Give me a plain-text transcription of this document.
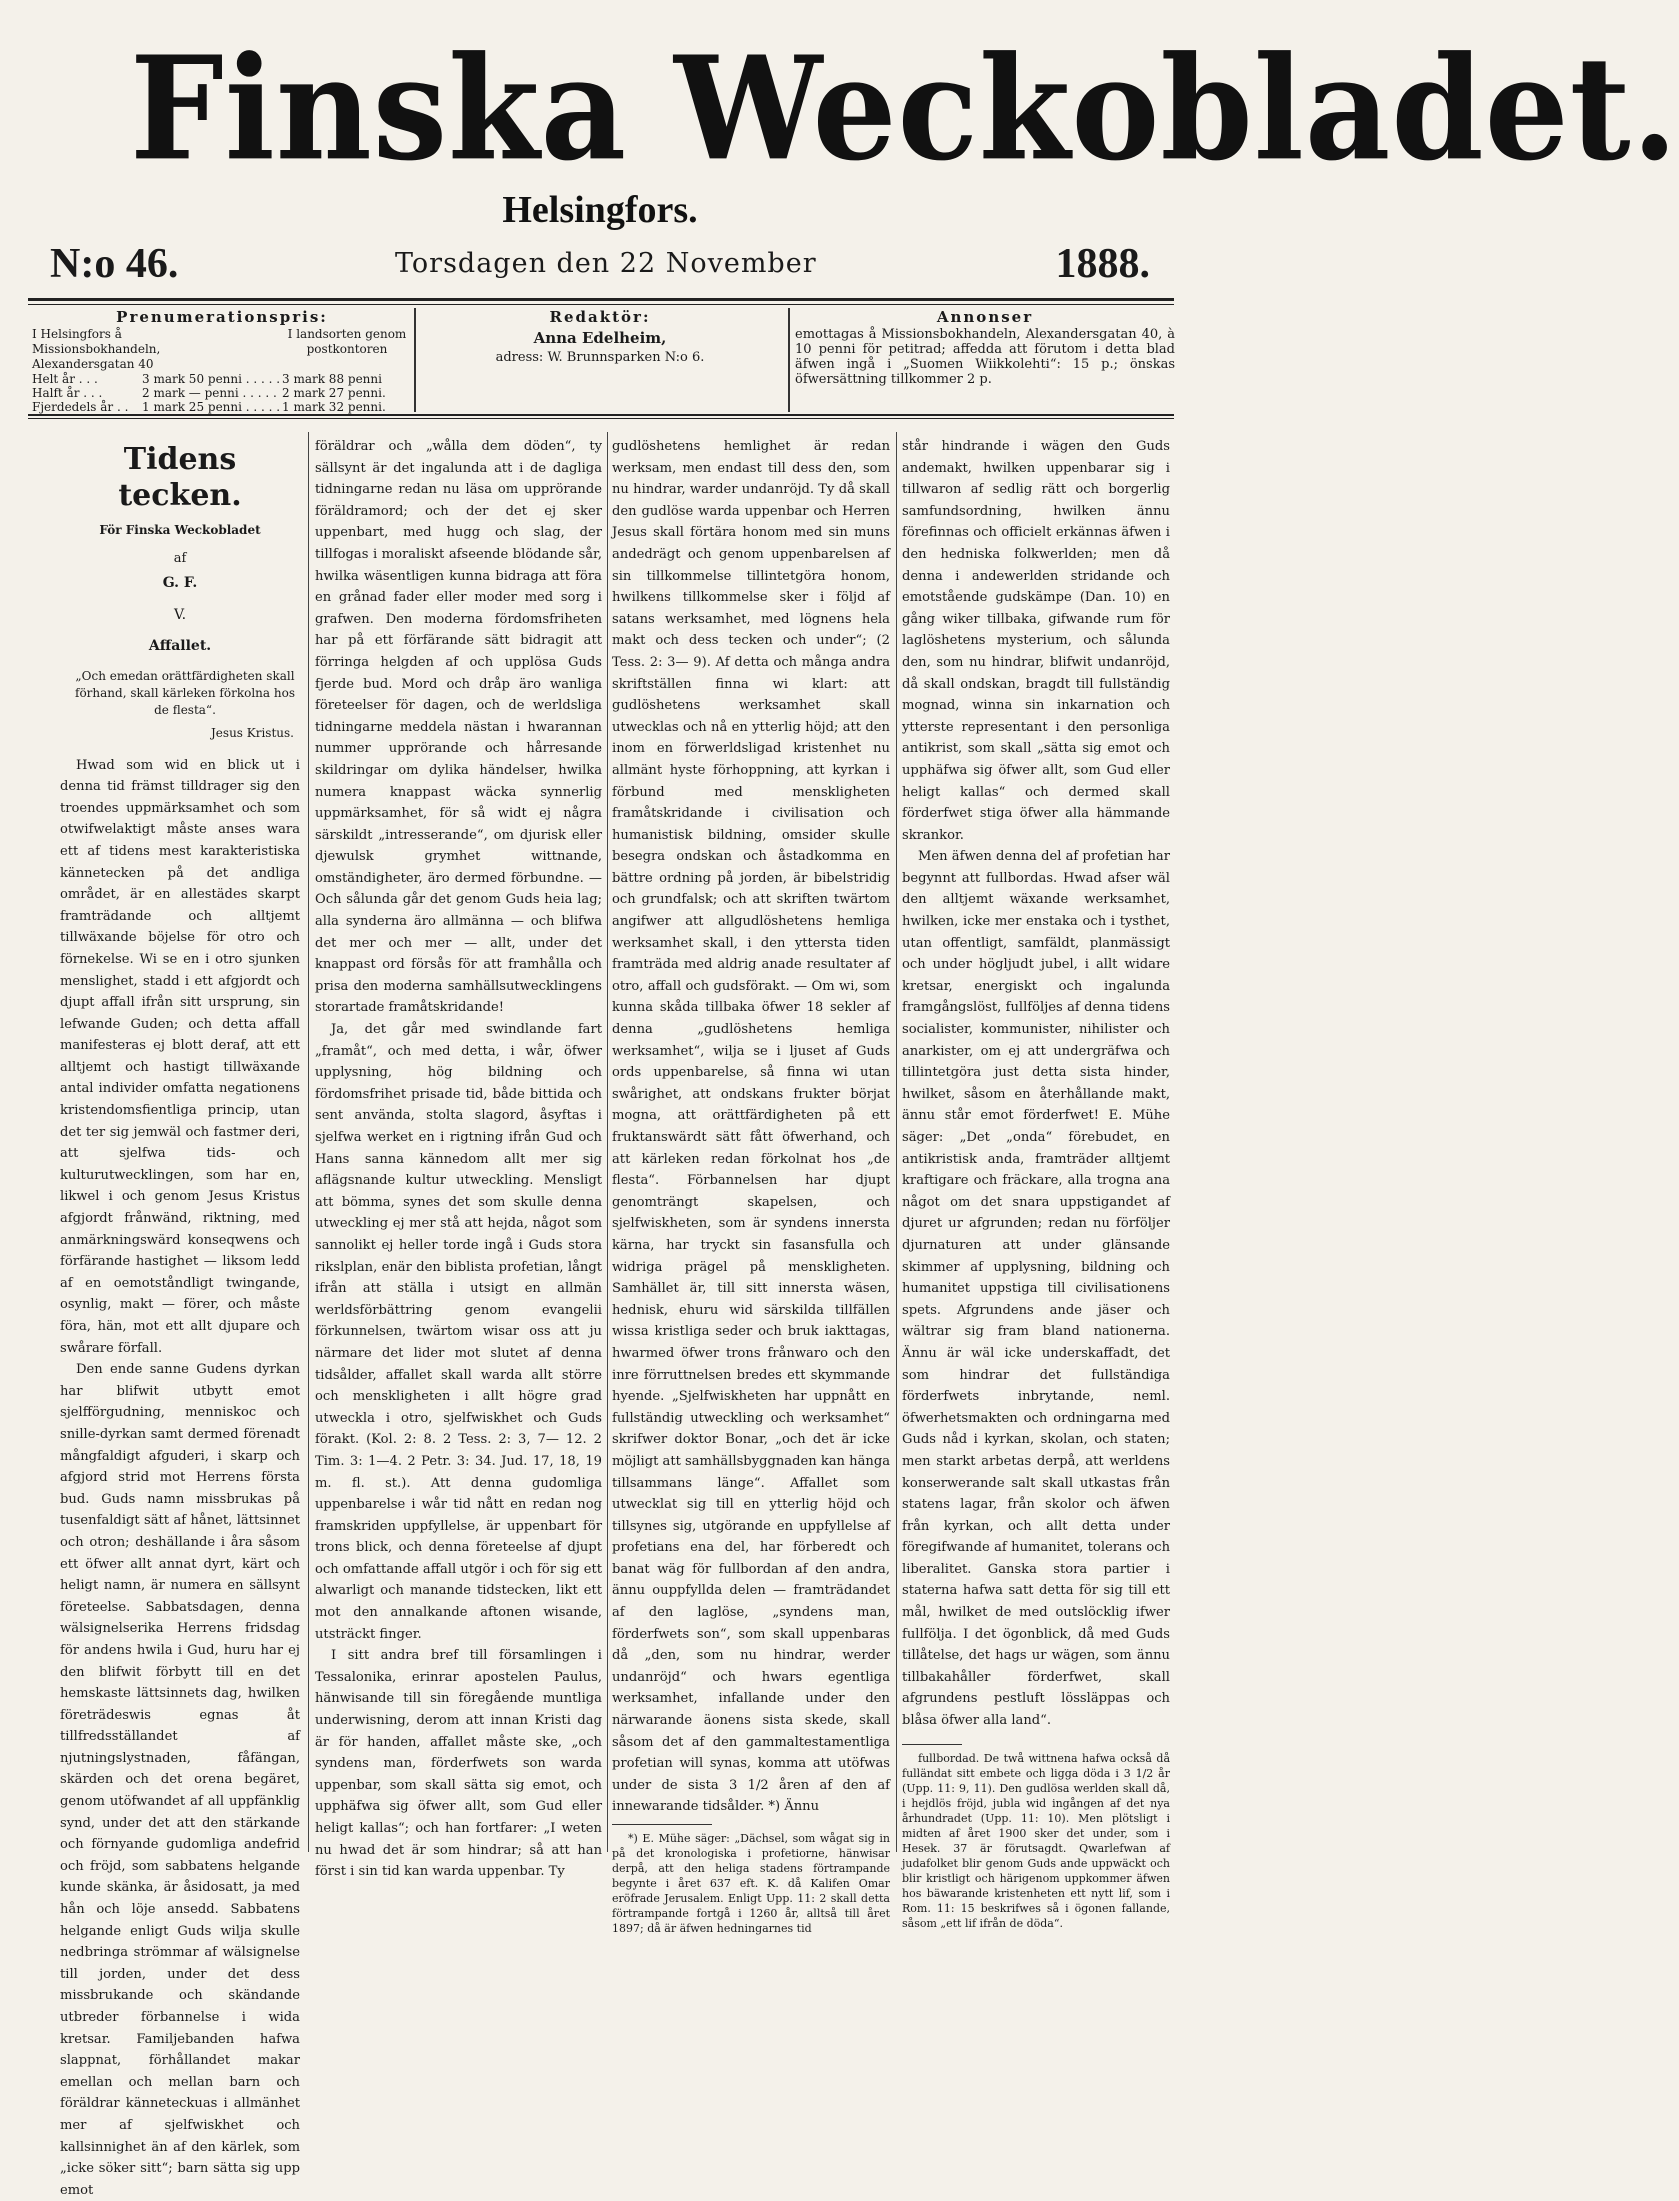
Finska Weckobladet.
Helsingfors.
N:o 46.	Torsdagen den 22 November	1888.
Prenumerationspris:
I Helsingfors å Missionsbokhandeln, Alexandersgatan 40
I landsorten genom postkontoren
Helt år . . .	3 mark 50 penni . . . . . 3 mark 88 penni
Halft år . . .	2 mark — penni . . . . . 2 mark 27 penni.
Fjerdedels år . .	1 mark 25 penni . . . . . 1 mark 32 penni.
Redaktör:
Anna Edelheim,
adress: W. Brunnsparken N:o 6.
Annonser
emottagas å Missionsbokhandeln, Alexandersgatan 40, à 10 penni för petitrad; affedda att förutom i detta blad äfwen ingå i „Suomen Wiikkolehti“: 15 p.; önskas öfwersättning tillkommer 2 p.
Tidens tecken.
För Finska Weckobladet
af
G. F.
V.
Affallet.
„Och emedan orättfärdigheten skall förhand, skall kärleken förkolna hos de flesta“.
Jesus Kristus.

Hwad som wid en blick ut i denna tid främst tilldrager sig den troendes uppmärksamhet och som otwifwelaktigt måste anses wara ett af tidens mest karakteristiska kännetecken på det andliga området, är en allestädes skarpt framträdande och alltjemt tillwäxande böjelse för otro och förnekelse. Wi se en i otro sjunken menslighet, stadd i ett afgjordt och djupt affall ifrån sitt ursprung, sin lefwande Guden; och detta affall manifesteras ej blott deraf, att ett alltjemt och hastigt tillwäxande antal individer omfatta negationens kristendomsfientliga princip, utan det ter sig jemwäl och fastmer deri, att sjelfwa tids- och kulturutwecklingen, som har en, likwel i och genom Jesus Kristus afgjordt frånwänd, riktning, med anmärkningswärd konseqwens och förfärande hastighet — liksom ledd af en oemotståndligt twingande, osynlig, makt — förer, och måste föra, hän, mot ett allt djupare och swårare förfall.

Den ende sanne Gudens dyrkan har blifwit utbytt emot sjelfförgudning, menniskoc och snille-dyrkan samt dermed förenadt mångfaldigt afguderi, i skarp och afgjord strid mot Herrens första bud. Guds namn missbrukas på tusenfaldigt sätt af hånet, lättsinnet och otron; deshällande i åra såsom ett öfwer allt annat dyrt, kärt och heligt namn, är numera en sällsynt företeelse. Sabbatsdagen, denna wälsignelserika Herrens fridsdag för andens hwila i Gud, huru har ej den blifwit förbytt till en det hemskaste lättsinnets dag, hwilken företrädeswis egnas åt tillfredsställandet af njutningslystnaden, fåfängan, skärden och det orena begäret, genom utöfwandet af all uppfänklig synd, under det att den stärkande och förnyande gudomliga andefrid och fröjd, som sabbatens helgande kunde skänka, är åsidosatt, ja med hån och löje ansedd. Sabbatens helgande enligt Guds wilja skulle nedbringa strömmar af wälsignelse till jorden, under det dess missbrukande och skändande utbreder förbannelse i wida kretsar. Familjebanden hafwa slappnat, förhållandet makar emellan och mellan barn och föräldrar känneteckuas i allmänhet mer af sjelfwiskhet och kallsinnighet än af den kärlek, som „icke söker sitt“; barn sätta sig upp emot

föräldrar och „wålla dem döden“, ty sällsynt är det ingalunda att i de dagliga tidningarne redan nu läsa om upprörande föräldramord; och der det ej sker uppenbart, med hugg och slag, der tillfogas i moraliskt afseende blödande sår, hwilka wäsentligen kunna bidraga att föra en grånad fader eller moder med sorg i grafwen. Den moderna fördomsfriheten har på ett förfärande sätt bidragit att förringa helgden af och upplösa Guds fjerde bud. Mord och dråp äro wanliga företeelser för dagen, och de werldsliga tidningarne meddela nästan i hwarannan nummer upprörande och hårresande skildringar om dylika händelser, hwilka numera knappast wäcka synnerlig uppmärksamhet, för så widt ej några särskildt „intresserande“, om djurisk eller djewulsk grymhet wittnande, omständigheter, äro dermed förbundne. — Och sålunda går det genom Guds heia lag; alla synderna äro allmänna — och blifwa det mer och mer — allt, under det knappast ord försås för att framhålla och prisa den moderna samhällsutwecklingens storartade framåtskridande!

Ja, det går med swindlande fart „framåt“, och med detta, i wår, öfwer upplysning, hög bildning och fördomsfrihet prisade tid, både bittida och sent använda, stolta slagord, åsyftas i sjelfwa werket en i rigtning ifrån Gud och Hans sanna kännedom allt mer sig aflägsnande kultur utweckling. Mensligt att bömma, synes det som skulle denna utweckling ej mer stå att hejda, något som sannolikt ej heller torde ingå i Guds stora rikslplan, enär den biblista profetian, långt ifrån att ställa i utsigt en allmän werldsförbättring genom evangelii förkunnelsen, twärtom wisar oss att ju närmare det lider mot slutet af denna tidsålder, affallet skall warda allt större och menskligheten i allt högre grad utweckla i otro, sjelfwiskhet och Guds förakt. (Kol. 2: 8. 2 Tess. 2: 3, 7— 12. 2 Tim. 3: 1—4. 2 Petr. 3: 34. Jud. 17, 18, 19 m. fl. st.). Att denna gudomliga uppenbarelse i wår tid nått en redan nog framskriden uppfyllelse, är uppenbart för trons blick, och denna företeelse af djupt och omfattande affall utgör i och för sig ett alwarligt och manande tidstecken, likt ett mot den annalkande aftonen wisande, utsträckt finger.

I sitt andra bref till församlingen i Tessalonika, erinrar apostelen Paulus, hänwisande till sin föregående muntliga underwisning, derom att innan Kristi dag är för handen, affallet måste ske, „och syndens man, förderfwets son warda uppenbar, som skall sätta sig emot, och upphäfwa sig öfwer allt, som Gud eller heligt kallas“; och han fortfarer: „I weten nu hwad det är som hindrar; så att han först i sin tid kan warda uppenbar. Ty

gudlöshetens hemlighet är redan werksam, men endast till dess den, som nu hindrar, warder undanröjd. Ty då skall den gudlöse warda uppenbar och Herren Jesus skall förtära honom med sin muns andedrägt och genom uppenbarelsen af sin tillkommelse tillintetgöra honom, hwilkens tillkommelse sker i följd af satans werksamhet, med lögnens hela makt och dess tecken och under“; (2 Tess. 2: 3— 9). Af detta och många andra skriftställen finna wi klart: att gudlöshetens werksamhet skall utwecklas och nå en ytterlig höjd; att den inom en förwerldsligad kristenhet nu allmänt hyste förhoppning, att kyrkan i förbund med menskligheten framåtskridande i civilisation och humanistisk bildning, omsider skulle besegra ondskan och åstadkomma en bättre ordning på jorden, är bibelstridig och grundfalsk; och att skriften twärtom angifwer att allgudlöshetens hemliga werksamhet skall, i den yttersta tiden framträda med aldrig anade resultater af otro, affall och gudsförakt. — Om wi, som kunna skåda tillbaka öfwer 18 sekler af denna „gudlöshetens hemliga werksamhet“, wilja se i ljuset af Guds ords uppenbarelse, så finna wi utan swårighet, att ondskans frukter börjat mogna, att orättfärdigheten på ett fruktanswärdt sätt fått öfwerhand, och att kärleken redan förkolnat hos „de flesta“. Förbannelsen har djupt genomträngt skapelsen, och sjelfwiskheten, som är syndens innersta kärna, har tryckt sin fasansfulla och widriga prägel på menskligheten. Samhället är, till sitt innersta wäsen, hednisk, ehuru wid särskilda tillfällen wissa kristliga seder och bruk iakttagas, hwarmed öfwer trons frånwaro och den inre förruttnelsen bredes ett skymmande hyende. „Sjelfwiskheten har uppnått en fullständig utweckling och werksamhet“ skrifwer doktor Bonar, „och det är icke möjligt att samhällsbyggnaden kan hänga tillsammans länge“. Affallet som utwecklat sig till en ytterlig höjd och tillsynes sig, utgörande en uppfyllelse af profetians ena del, har förberedt och banat wäg för fullbordan af den andra, ännu ouppfyllda delen — framträdandet af den laglöse, „syndens man, förderfwets son“, som skall uppenbaras då „den, som nu hindrar, werder undanröjd“ och hwars egentliga werksamhet, infallande under den närwarande äonens sista skede, skall såsom det af den gammaltestamentliga profetian will synas, komma att utöfwas under de sista 3 1/2 åren af den af innewarande tidsålder. *) Ännu

*) E. Mühe säger: „Dächsel, som wågat sig in på det kronologiska i profetiorne, hänwisar derpå, att den heliga stadens förtrampande begynte i året 637 eft. K. då Kalifen Omar eröfrade Jerusalem. Enligt Upp. 11: 2 skall detta förtrampande fortgå i 1260 år, alltså till året 1897; då är äfwen hedningarnes tid

står hindrande i wägen den Guds andemakt, hwilken uppenbarar sig i tillwaron af sedlig rätt och borgerlig samfundsordning, hwilken ännu förefinnas och officielt erkännas äfwen i den hedniska folkwerlden; men då denna i andewerlden stridande och emotstående gudskämpe (Dan. 10) en gång wiker tillbaka, gifwande rum för laglöshetens mysterium, och sålunda den, som nu hindrar, blifwit undanröjd, då skall ondskan, bragdt till fullständig mognad, winna sin inkarnation och ytterste representant i den personliga antikrist, som skall „sätta sig emot och upphäfwa sig öfwer allt, som Gud eller heligt kallas“ och dermed skall förderfwet stiga öfwer alla hämmande skrankor.

Men äfwen denna del af profetian har begynnt att fullbordas. Hwad afser wäl den alltjemt wäxande werksamhet, hwilken, icke mer enstaka och i tysthet, utan offentligt, samfäldt, planmässigt och under högljudt jubel, i allt widare kretsar, energiskt och ingalunda framgångslöst, fullföljes af denna tidens socialister, kommunister, nihilister och anarkister, om ej att undergräfwa och tillintetgöra just detta sista hinder, hwilket, såsom en återhållande makt, ännu står emot förderfwet! E. Mühe säger: „Det „onda“ förebudet, en antikristisk anda, framträder alltjemt kraftigare och fräckare, alla trogna ana något om det snara uppstigandet af djuret ur afgrunden; redan nu förföljer djurnaturen att under glänsande skimmer af upplysning, bildning och humanitet uppstiga till civilisationens spets. Afgrundens ande jäser och wältrar sig fram bland nationerna. Ännu är wäl icke underskaffadt, det som hindrar det fullständiga förderfwets inbrytande, neml. öfwerhetsmakten och ordningarna med Guds nåd i kyrkan, skolan, och staten; men starkt arbetas derpå, att werldens konserwerande salt skall utkastas från statens lagar, från skolor och äfwen från kyrkan, och allt detta under föregifwande af humanitet, tolerans och liberalitet. Ganska stora partier i staterna hafwa satt detta för sig till ett mål, hwilket de med outslöcklig ifwer fullfölja. I det ögonblick, då med Guds tillåtelse, det hags ur wägen, som ännu tillbakahåller förderfwet, skall afgrundens pestluft lössläppas och blåsa öfwer alla land“.

fullbordad. De twå wittnena hafwa också då fulländat sitt embete och ligga döda i 3 1/2 år (Upp. 11: 9, 11). Den gudlösa werlden skall då, i hejdlös fröjd, jubla wid ingången af det nya århundradet (Upp. 11: 10). Men plötsligt i midten af året 1900 sker det under, som i Hesek. 37 är förutsagdt. Qwarlefwan af judafolket blir genom Guds ande uppwäckt och blir kristligt och härigenom uppkommer äfwen hos bäwarande kristenheten ett nytt lif, som i Rom. 11: 15 beskrifwes så i ögonen fallande, såsom „ett lif ifrån de döda“.
